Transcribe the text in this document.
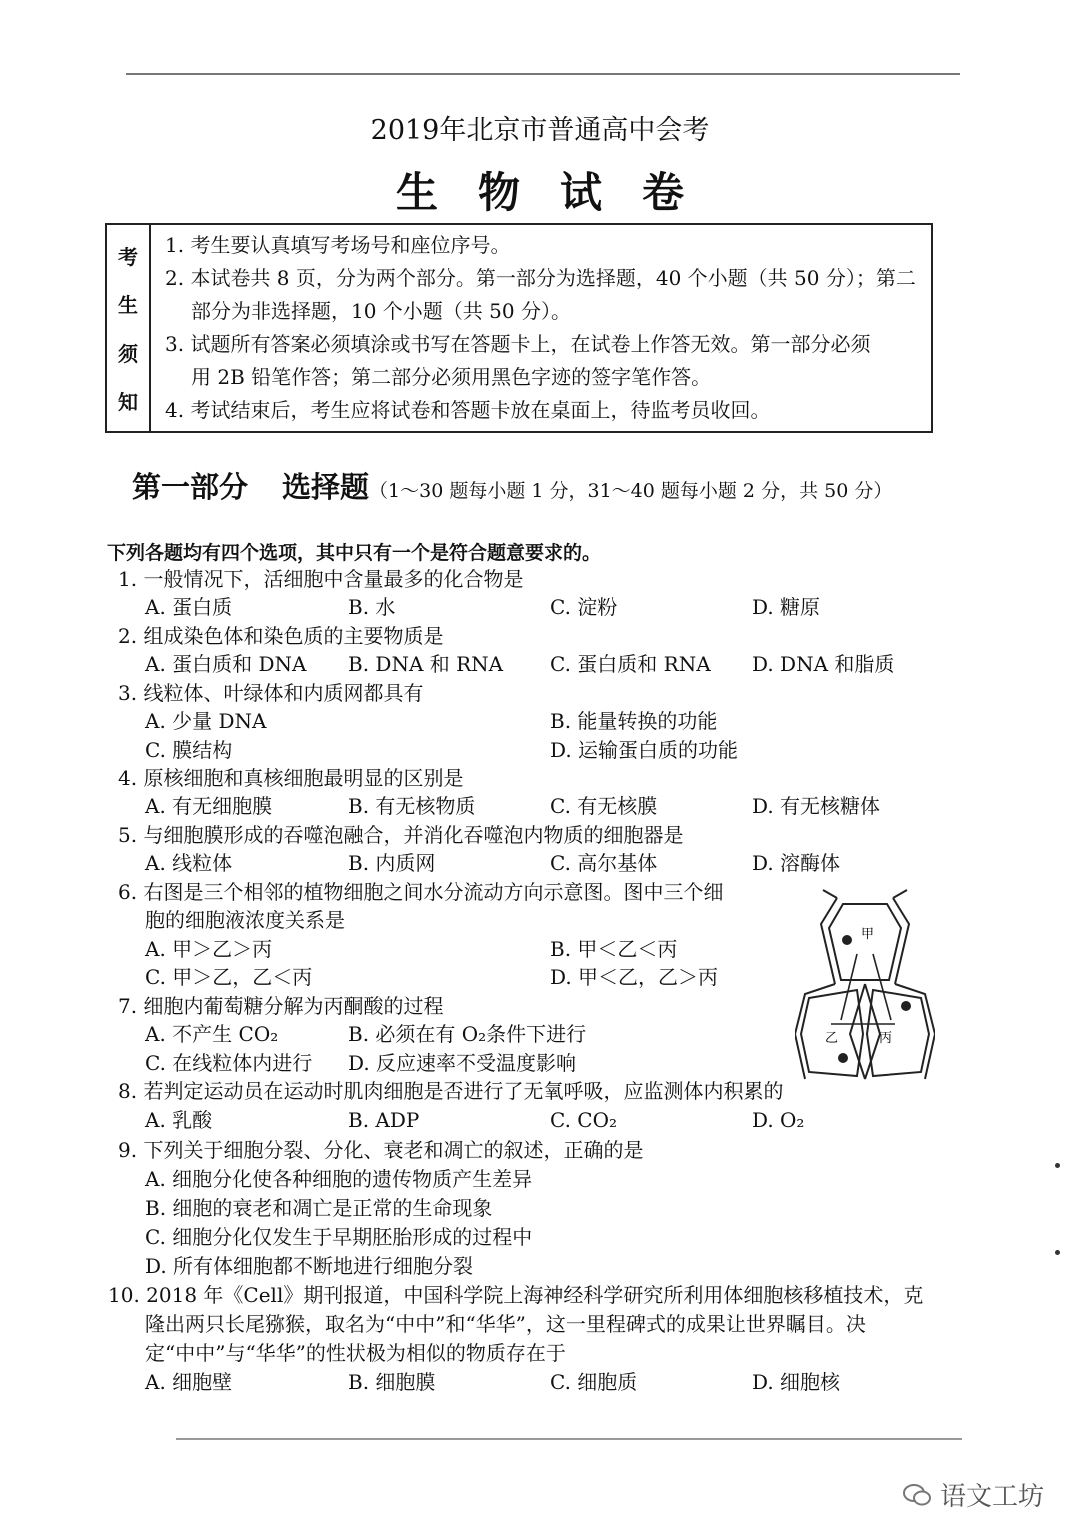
2019年北京市普通高中会考
生物试卷
考
生
须
知
1. 考生要认真填写考场号和座位序号。
2. 本试卷共 8 页，分为两个部分。第一部分为选择题，40 个小题（共 50 分）；第二
部分为非选择题，10 个小题（共 50 分）。
3. 试题所有答案必须填涂或书写在答题卡上，在试卷上作答无效。第一部分必须
用 2B 铅笔作答；第二部分必须用黑色字迹的签字笔作答。
4. 考试结束后，考生应将试卷和答题卡放在桌面上，待监考员收回。
第一部分 选择题（1～30 题每小题 1 分，31～40 题每小题 2 分，共 50 分）
下列各题均有四个选项，其中只有一个是符合题意要求的。
1. 一般情况下，活细胞中含量最多的化合物是
A. 蛋白质	B. 水	C. 淀粉	D. 糖原
2. 组成染色体和染色质的主要物质是
A. 蛋白质和 DNA B. DNA 和 RNA C. 蛋白质和 RNA D. DNA 和脂质
3. 线粒体、叶绿体和内质网都具有
A. 少量 DNA	B. 能量转换的功能
C. 膜结构	D. 运输蛋白质的功能
4. 原核细胞和真核细胞最明显的区别是
A. 有无细胞膜	B. 有无核物质	C. 有无核膜	D. 有无核糖体
5. 与细胞膜形成的吞噬泡融合，并消化吞噬泡内物质的细胞器是
A. 线粒体	B. 内质网	C. 高尔基体	D. 溶酶体
6. 右图是三个相邻的植物细胞之间水分流动方向示意图。图中三个细
胞的细胞液浓度关系是
A. 甲＞乙＞丙	B. 甲＜乙＜丙
C. 甲＞乙，乙＜丙	D. 甲＜乙，乙＞丙
7. 细胞内葡萄糖分解为丙酮酸的过程
A. 不产生 CO₂	B. 必须在有 O₂条件下进行
C. 在线粒体内进行 D. 反应速率不受温度影响
8. 若判定运动员在运动时肌肉细胞是否进行了无氧呼吸，应监测体内积累的
A. 乳酸	B. ADP	C. CO₂	D. O₂
9. 下列关于细胞分裂、分化、衰老和凋亡的叙述，正确的是
A. 细胞分化使各种细胞的遗传物质产生差异
B. 细胞的衰老和凋亡是正常的生命现象
C. 细胞分化仅发生于早期胚胎形成的过程中
D. 所有体细胞都不断地进行细胞分裂
10. 2018 年《Cell》期刊报道，中国科学院上海神经科学研究所利用体细胞核移植技术，克
隆出两只长尾猕猴，取名为“中中”和“华华”，这一里程碑式的成果让世界瞩目。决
定“中中”与“华华”的性状极为相似的物质存在于
A. 细胞壁	B. 细胞膜	C. 细胞质	D. 细胞核
甲
乙	丙
语文工坊
